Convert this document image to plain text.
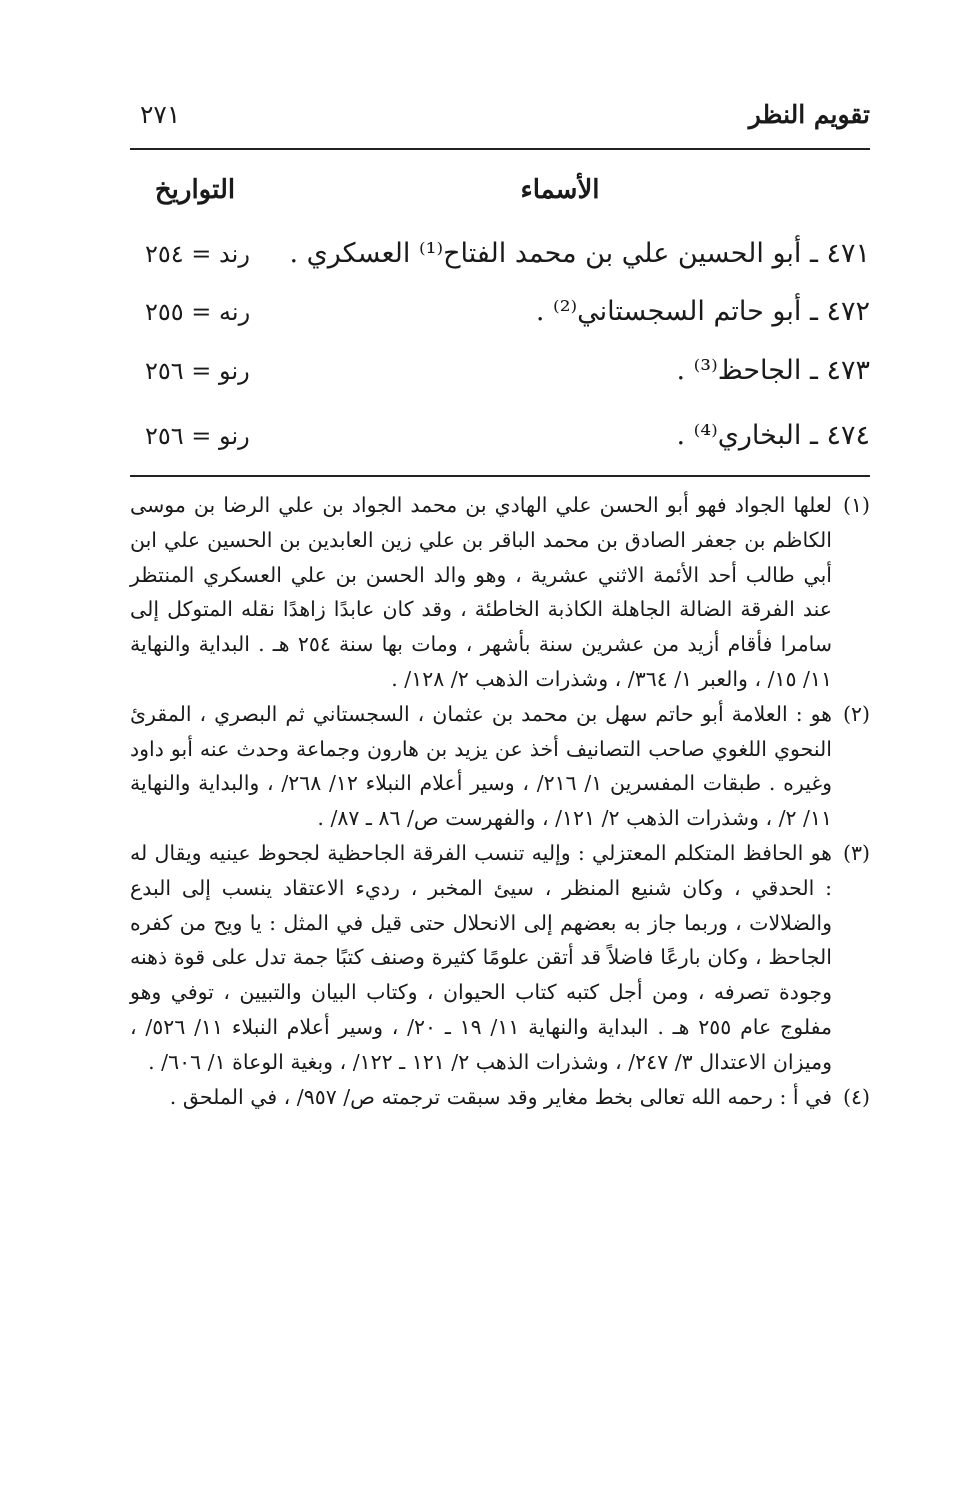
تقويم النظر
٢٧١
الأسماء
التواريخ
٤٧١ ـ أبو الحسين علي بن محمد الفتاح⁽¹⁾ العسكري .
رند = ٢٥٤
٤٧٢ ـ أبو حاتم السجستاني⁽²⁾ .
رنه = ٢٥٥
٤٧٣ ـ الجاحظ⁽³⁾ .
رنو = ٢٥٦
٤٧٤ ـ البخاري⁽⁴⁾ .
رنو = ٢٥٦

(١)
لعلها الجواد فهو أبو الحسن علي الهادي بن محمد الجواد بن علي الرضا بن موسى الكاظم بن جعفر الصادق بن محمد الباقر بن علي زين العابدين بن الحسين علي ابن أبي طالب أحد الأئمة الاثني عشرية ، وهو والد الحسن بن علي العسكري المنتظر عند الفرقة الضالة الجاهلة الكاذبة الخاطئة ، وقد كان عابدًا زاهدًا نقله المتوكل إلى سامرا فأقام أزيد من عشرين سنة بأشهر ، ومات بها سنة ٢٥٤ هـ . البداية والنهاية ١١/ ١٥/ ، والعبر ١/ ٣٦٤/ ، وشذرات الذهب ٢/ ١٢٨/ .

(٢)
هو : العلامة أبو حاتم سهل بن محمد بن عثمان ، السجستاني ثم البصري ، المقرئ النحوي اللغوي صاحب التصانيف أخذ عن يزيد بن هارون وجماعة وحدث عنه أبو داود وغيره . طبقات المفسرين ١/ ٢١٦/ ، وسير أعلام النبلاء ١٢/ ٢٦٨/ ، والبداية والنهاية ١١/ ٢/ ، وشذرات الذهب ٢/ ١٢١/ ، والفهرست ص/ ٨٦ ـ ٨٧/ .

(٣)
هو الحافظ المتكلم المعتزلي : وإليه تنسب الفرقة الجاحظية لجحوظ عينيه ويقال له : الحدقي ، وكان شنيع المنظر ، سيئ المخبر ، رديء الاعتقاد ينسب إلى البدع والضلالات ، وربما جاز به بعضهم إلى الانحلال حتى قيل في المثل : يا ويح من كفره الجاحظ ، وكان بارعًا فاضلاً قد أتقن علومًا كثيرة وصنف كتبًا جمة تدل على قوة ذهنه وجودة تصرفه ، ومن أجل كتبه كتاب الحيوان ، وكتاب البيان والتبيين ، توفي وهو مفلوج عام ٢٥٥ هـ . البداية والنهاية ١١/ ١٩ ـ ٢٠/ ، وسير أعلام النبلاء ١١/ ٥٢٦/ ، وميزان الاعتدال ٣/ ٢٤٧/ ، وشذرات الذهب ٢/ ١٢١ ـ ١٢٢/ ، وبغية الوعاة ١/ ٦٠٦/ .

(٤)
في أ : رحمه الله تعالى بخط مغاير وقد سبقت ترجمته ص/ ٩٥٧/ ، في الملحق .
